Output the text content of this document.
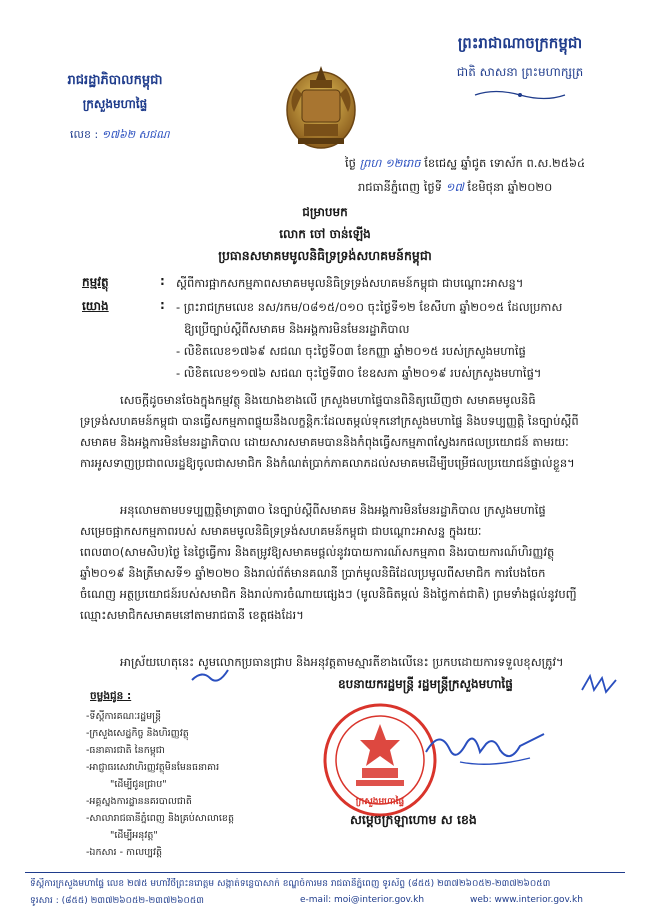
ព្រះរាជាណាចក្រកម្ពុជា
ជាតិ សាសនា ព្រះមហាក្សត្រ
រាជរដ្ឋាភិបាលកម្ពុជា
ក្រសួងមហាផ្ទៃ
លេខ : ១៧៦២ សជណ
ថ្ងៃ ព្រហ ១២រោច ខែជេស្ឋ ឆ្នាំជូត ទោស័ក ព.ស.២៥៦៤
រាជធានីភ្នំពេញ ថ្ងៃទី ១៧ ខែមិថុនា ឆ្នាំ២០២០
ជម្រាបមក
លោក ចៅ ចាន់ឡើង
ប្រធានសមាគមមូលនិធិទ្រទ្រង់សហគមន៍កម្ពុជា
កម្មវត្ថុ	: ស្តីពីការផ្អាកសកម្មភាពសមាគមមូលនិធិទ្រទ្រង់សហគមន៍កម្ពុជា ជាបណ្តោះអាសន្ន។
យោង	: - ព្រះរាជក្រមលេខ នស/រកម/០៨១៥/០១០ ចុះថ្ងៃទី១២ ខែសីហា ឆ្នាំ២០១៥ ដែលប្រកាស
ឱ្យប្រើច្បាប់ស្តីពីសមាគម និងអង្គការមិនមែនរដ្ឋាភិបាល
- លិខិតលេខ១៧៦៩ សជណ ចុះថ្ងៃទី០៣ ខែកញ្ញា ឆ្នាំ២០១៥ របស់ក្រសួងមហាផ្ទៃ
- លិខិតលេខ១១៧៦ សជណ ចុះថ្ងៃទី៣០ ខែឧសភា ឆ្នាំ២០១៩ របស់ក្រសួងមហាផ្ទៃ។
សេចក្តីដូចមានចែងក្នុងកម្មវត្ថុ និងយោងខាងលើ ក្រសួងមហាផ្ទៃបានពិនិត្យឃើញថា សមាគមមូលនិធិទ្រទ្រង់សហគមន៍កម្ពុជា បានធ្វើសកម្មភាពផ្ទុយនឹងលក្ខន្តិកៈដែលតម្កល់ទុកនៅក្រសួងមហាផ្ទៃ និងបទប្បញ្ញត្តិ នៃច្បាប់ស្តីពីសមាគម និងអង្គការមិនមែនរដ្ឋាភិបាល ដោយសារសមាគមបាននិងកំពុងធ្វើសកម្មភាពស្វែងរកផលប្រយោជន៍ តាមរយៈការអូសទាញប្រជាពលរដ្ឋឱ្យចូលជាសមាជិក និងកំណត់ប្រាក់ភាគលាភដល់សមាគមដើម្បីបម្រើផលប្រយោជន៍ផ្ទាល់ខ្លួន។
អនុលោមតាមបទប្បញ្ញត្តិមាត្រា៣០ នៃច្បាប់ស្តីពីសមាគម និងអង្គការមិនមែនរដ្ឋាភិបាល ក្រសួងមហាផ្ទៃ សម្រេចផ្អាកសកម្មភាពរបស់ សមាគមមូលនិធិទ្រទ្រង់សហគមន៍កម្ពុជា ជាបណ្តោះអាសន្ន ក្នុងរយៈពេល៣០(សាមសិប)ថ្ងៃ នៃថ្ងៃធ្វើការ និងតម្រូវឱ្យសមាគមផ្តល់នូវរបាយការណ៍សកម្មភាព និងរបាយការណ៍ហិរញ្ញវត្ថុ ឆ្នាំ២០១៩ និងត្រីមាសទី១ ឆ្នាំ២០២០ និងរាល់ព័ត៌មានគណនី ប្រាក់មូលនិធិដែលប្រមូលពីសមាជិក ការបែងចែកចំណេញ អត្ថប្រយោជន៍របស់សមាជិក និងរាល់ការចំណាយផ្សេងៗ (មូលនិធិតម្កល់ និងថ្លៃកាត់ជាតិ) ព្រមទាំងផ្តល់នូវបញ្ជីឈ្មោះសមាជិកសមាគមនៅតាមរាជធានី ខេត្តផងដែរ។
អាស្រ័យហេតុនេះ សូមលោកប្រធានជ្រាប និងអនុវត្តតាមស្មារតីខាងលើនេះ ប្រកបដោយការទទួលខុសត្រូវ។
ឧបនាយករដ្ឋមន្ត្រី រដ្ឋមន្ត្រីក្រសួងមហាផ្ទៃ
ក្រសួងមហាផ្ទៃ
សម្តេចក្រឡាហោម ស ខេង
ចម្លងជូន :
-ទីស្តីការគណៈរដ្ឋមន្ត្រី
-ក្រសួងសេដ្ឋកិច្ច និងហិរញ្ញវត្ថុ
-ធនាគារជាតិ នៃកម្ពុជា
-អាជ្ញាធរសេវាហិរញ្ញវត្ថុមិនមែនធនាគារ
"ដើម្បីជូនជ្រាប"
-អគ្គស្នងការដ្ឋាននគរបាលជាតិ
-សាលារាជធានីភ្នំពេញ និងគ្រប់សាលាខេត្ត
"ដើម្បីអនុវត្ត"
-ឯកសារ - កាលប្បវត្តិ
ទីស្តីការក្រសួងមហាផ្ទៃ លេខ ២៧៥ មហាវិថីព្រះនរោត្តម សង្កាត់ទន្លេបាសាក់ ខណ្ឌចំការមន រាជធានីភ្នំពេញ ទូរស័ព្ទ (៨៥៥) ២៣៧២៦០៥២-២៣៧២៦០៥៣
ទូរសារ : (៨៥៥) ២៣៧២៦០៥២-២៣៧២៦០៥៣	e-mail: moi@interior.gov.kh	web: www.interior.gov.kh
